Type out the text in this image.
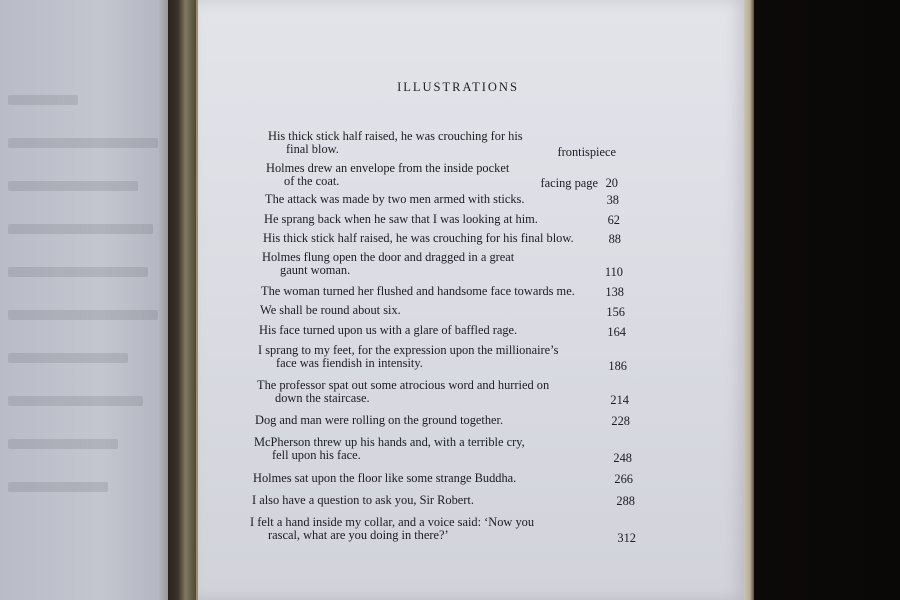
ILLUSTRATIONS
His thick stick half raised, he was crouching for his
final blow.	frontispiece
Holmes drew an envelope from the inside pocket
of the coat.	facing page 20
The attack was made by two men armed with sticks.	38
He sprang back when he saw that I was looking at him.	62
His thick stick half raised, he was crouching for his final blow.	88
Holmes flung open the door and dragged in a great
gaunt woman.	110
The woman turned her flushed and handsome face towards me. 138
We shall be round about six.	156
His face turned upon us with a glare of baffled rage.	164
I sprang to my feet, for the expression upon the millionaire’s
face was fiendish in intensity.	186
The professor spat out some atrocious word and hurried on
down the staircase.	214
Dog and man were rolling on the ground together.	228
McPherson threw up his hands and, with a terrible cry,
fell upon his face.	248
Holmes sat upon the floor like some strange Buddha.	266
I also have a question to ask you, Sir Robert.	288
I felt a hand inside my collar, and a voice said: ‘Now you
rascal, what are you doing in there?’	312
